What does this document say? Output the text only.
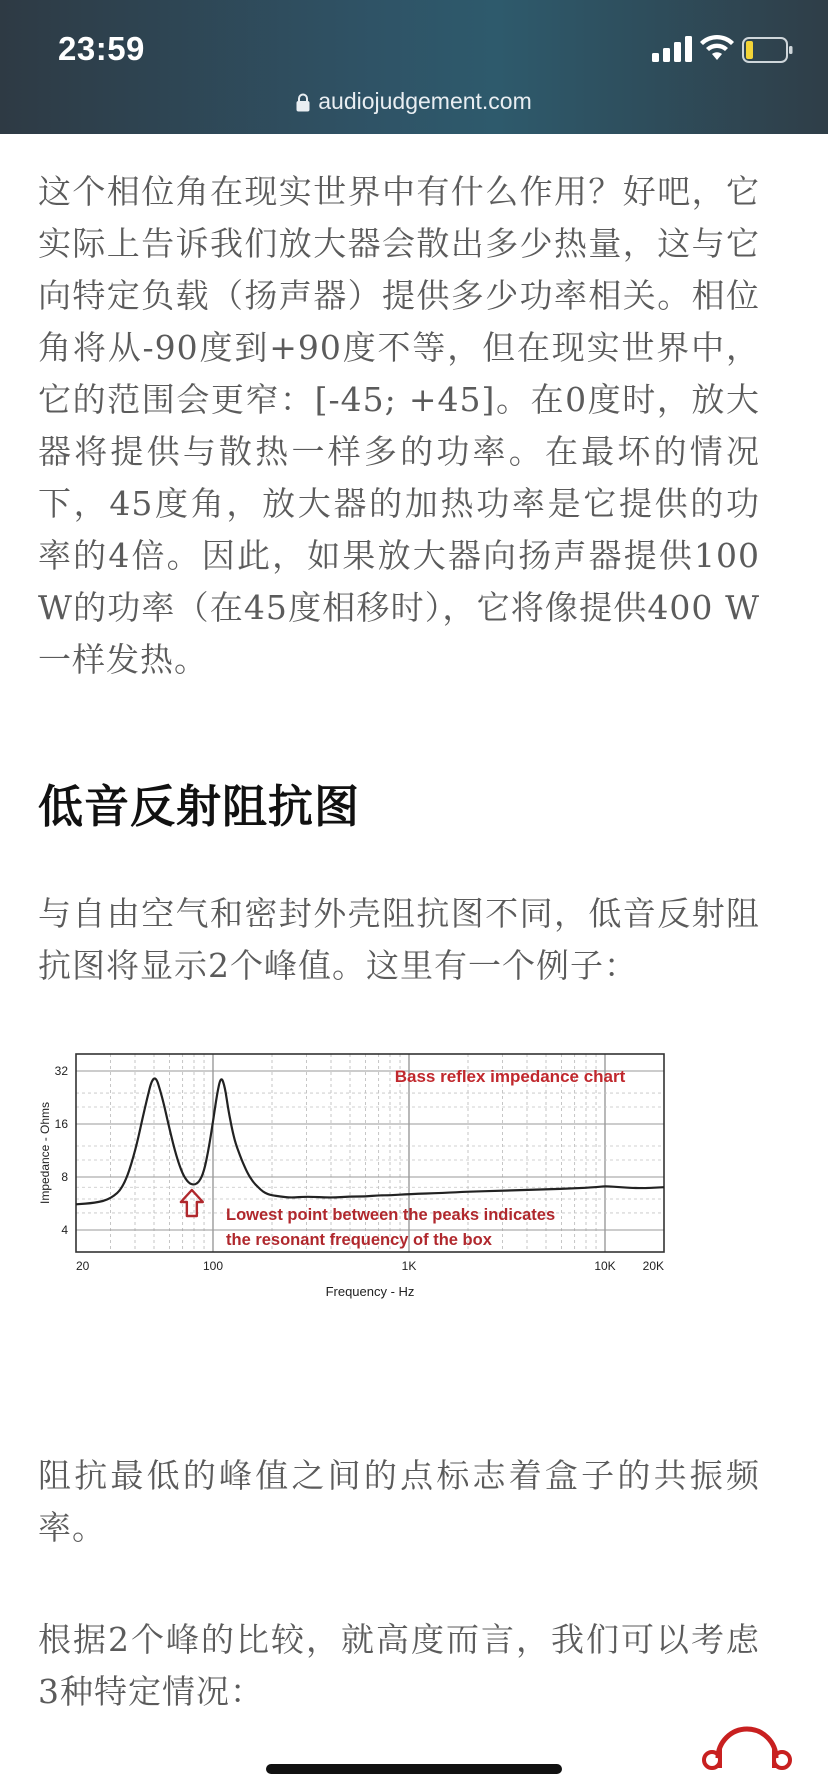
23:59
audiojudgement.com

这个相位角在现实世界中有什么作用？好吧，它实际上告诉我们放大器会散出多少热量，这与它向特定负载（扬声器）提供多少功率相关。相位角将从-90度到+90度不等，但在现实世界中，它的范围会更窄：[-45; +45]。在0度时，放大器将提供与散热一样多的功率。在最坏的情况下，45度角，放大器的加热功率是它提供的功率的4倍。因此，如果放大器向扬声器提供100 W的功率（在45度相移时），它将像提供400 W一样发热。

低音反射阻抗图

与自由空气和密封外壳阻抗图不同，低音反射阻抗图将显示2个峰值。这里有一个例子：

4
8
16
32
20	100	1K	10K 20K
Frequency - Hz
Impedance - Ohms
Bass reflex impedance chart
Lowest point between the peaks indicates
the resonant frequency of the box

阻抗最低的峰值之间的点标志着盒子的共振频率。

根据2个峰的比较，就高度而言，我们可以考虑3种特定情况：
